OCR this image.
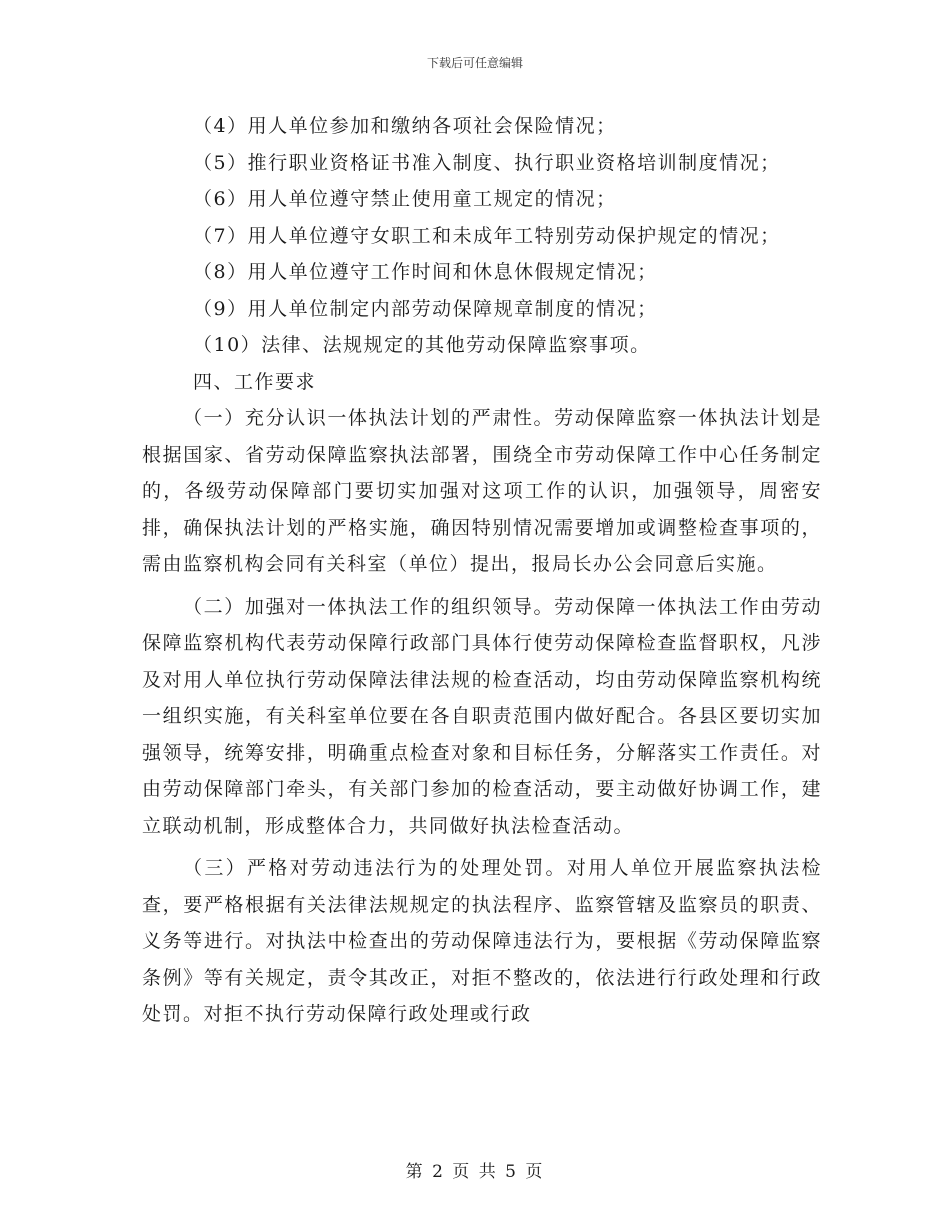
下载后可任意编辑
（4）用人单位参加和缴纳各项社会保险情况；
（5）推行职业资格证书准入制度、执行职业资格培训制度情况；
（6）用人单位遵守禁止使用童工规定的情况；
（7）用人单位遵守女职工和未成年工特别劳动保护规定的情况；
（8）用人单位遵守工作时间和休息休假规定情况；
（9）用人单位制定内部劳动保障规章制度的情况；
（10）法律、法规规定的其他劳动保障监察事项。
四、工作要求

（一）充分认识一体执法计划的严肃性。劳动保障监察一体执法计划是根据国家、省劳动保障监察执法部署，围绕全市劳动保障工作中心任务制定的，各级劳动保障部门要切实加强对这项工作的认识，加强领导，周密安排，确保执法计划的严格实施，确因特别情况需要增加或调整检查事项的，需由监察机构会同有关科室（单位）提出，报局长办公会同意后实施。

（二）加强对一体执法工作的组织领导。劳动保障一体执法工作由劳动保障监察机构代表劳动保障行政部门具体行使劳动保障检查监督职权，凡涉及对用人单位执行劳动保障法律法规的检查活动，均由劳动保障监察机构统一组织实施，有关科室单位要在各自职责范围内做好配合。各县区要切实加强领导，统筹安排，明确重点检查对象和目标任务，分解落实工作责任。对由劳动保障部门牵头，有关部门参加的检查活动，要主动做好协调工作，建立联动机制，形成整体合力，共同做好执法检查活动。

（三）严格对劳动违法行为的处理处罚。对用人单位开展监察执法检查，要严格根据有关法律法规规定的执法程序、监察管辖及监察员的职责、义务等进行。对执法中检查出的劳动保障违法行为，要根据《劳动保障监察条例》等有关规定，责令其改正，对拒不整改的，依法进行行政处理和行政处罚。对拒不执行劳动保障行政处理或行政

第 2 页 共 5 页
